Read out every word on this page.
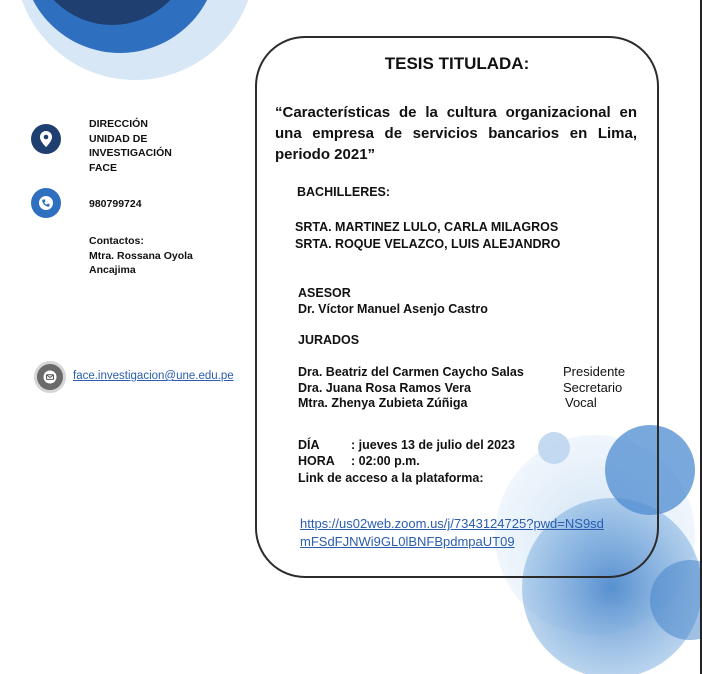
DIRECCIÓN
UNIDAD DE
INVESTIGACIÓN
FACE
980799724
Contactos:
Mtra. Rossana Oyola
Ancajima
face.investigacion@une.edu.pe
TESIS TITULADA:
“Características de la cultura organizacional en una empresa de servicios bancarios en Lima, periodo 2021”
BACHILLERES:
SRTA. MARTINEZ LULO, CARLA MILAGROS
SRTA. ROQUE VELAZCO, LUIS ALEJANDRO
ASESOR
Dr. Víctor Manuel Asenjo Castro
JURADOS
Dra. Beatriz del Carmen Caycho Salas	Presidente
Dra. Juana Rosa Ramos Vera	Secretario
Mtra. Zhenya Zubieta Zúñiga	Vocal
DÍA	: jueves 13 de julio del 2023
HORA : 02:00 p.m.
Link de acceso a la plataforma:
https://us02web.zoom.us/j/7343124725?pwd=NS9sd
mFSdFJNWi9GL0lBNFBpdmpaUT09
